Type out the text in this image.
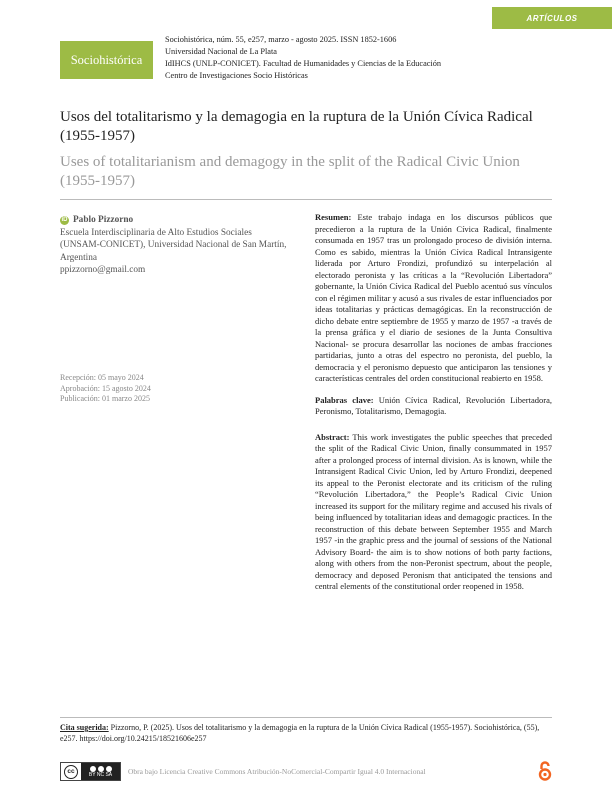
ARTÍCULOS
Sociohistórica
Sociohistórica, núm. 55, e257, marzo - agosto 2025. ISSN 1852-1606
Universidad Nacional de La Plata
IdIHCS (UNLP-CONICET). Facultad de Humanidades y Ciencias de la Educación
Centro de Investigaciones Socio Históricas
Usos del totalitarismo y la demagogia en la ruptura de la Unión Cívica Radical (1955-1957)
Uses of totalitarianism and demagogy in the split of the Radical Civic Union (1955-1957)
iD Pablo Pizzorno
Escuela Interdisciplinaria de Alto Estudios Sociales (UNSAM-CONICET), Universidad Nacional de San Martín, Argentina
ppizzorno@gmail.com
Recepción: 05 mayo 2024
Aprobación: 15 agosto 2024
Publicación: 01 marzo 2025

Resumen: Este trabajo indaga en los discursos públicos que precedieron a la ruptura de la Unión Cívica Radical, finalmente consumada en 1957 tras un prolongado proceso de división interna. Como es sabido, mientras la Unión Cívica Radical Intransigente liderada por Arturo Frondizi, profundizó su interpelación al electorado peronista y las críticas a la “Revolución Libertadora” gobernante, la Unión Cívica Radical del Pueblo acentuó sus vínculos con el régimen militar y acusó a sus rivales de estar influenciados por ideas totalitarias y prácticas demagógicas. En la reconstrucción de dicho debate entre septiembre de 1955 y marzo de 1957 -a través de la prensa gráfica y el diario de sesiones de la Junta Consultiva Nacional- se procura desarrollar las nociones de ambas fracciones partidarias, junto a otras del espectro no peronista, del pueblo, la democracia y el peronismo depuesto que anticiparon las tensiones y características centrales del orden constitucional reabierto en 1958.

Palabras clave: Unión Cívica Radical, Revolución Libertadora, Peronismo, Totalitarismo, Demagogia.

Abstract: This work investigates the public speeches that preceded the split of the Radical Civic Union, finally consummated in 1957 after a prolonged process of internal division. As is known, while the Intransigent Radical Civic Union, led by Arturo Frondizi, deepened its appeal to the Peronist electorate and its criticism of the ruling “Revolución Libertadora,” the People’s Radical Civic Union increased its support for the military regime and accused his rivals of being influenced by totalitarian ideas and demagogic practices. In the reconstruction of this debate between September 1955 and March 1957 -in the graphic press and the journal of sessions of the National Advisory Board- the aim is to show notions of both party factions, along with others from the non-Peronist spectrum, about the people, democracy and deposed Peronism that anticipated the tensions and central elements of the constitutional order reopened in 1958.

Cita sugerida: Pizzorno, P. (2025). Usos del totalitarismo y la demagogia en la ruptura de la Unión Cívica Radical (1955-1957). Sociohistórica, (55), e257. https://doi.org/10.24215/18521606e257
cc	BY NC SA Obra bajo Licencia Creative Commons Atribución-NoComercial-Compartir Igual 4.0 Internacional
